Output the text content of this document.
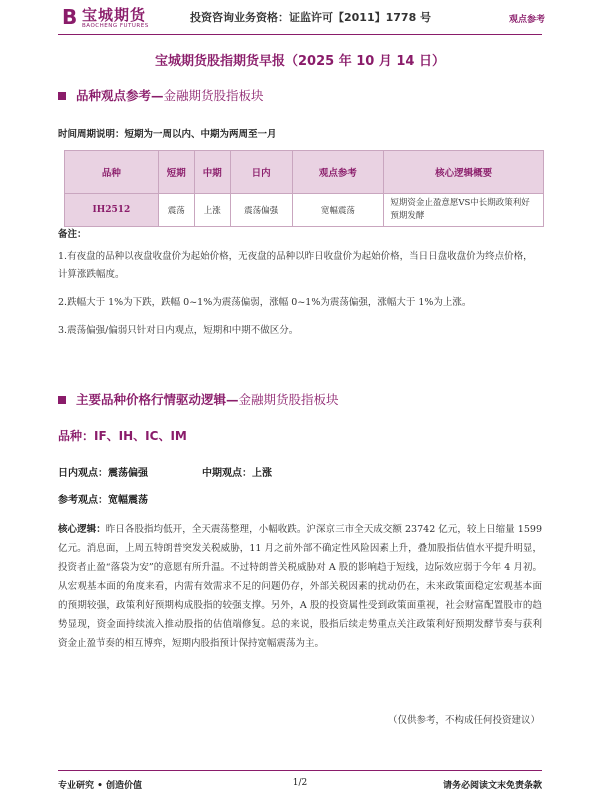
B 宝城期货
BAOCHENG FUTURES
投资咨询业务资格：证监许可【2011】1778 号	观点参考
宝城期货股指期货早报（2025 年 10 月 14 日）
品种观点参考—金融期货股指板块
时间周期说明：短期为一周以内、中期为两周至一月
品种	短期	中期	日内	观点参考	核心逻辑概要
IH2512	震荡	上涨	震荡偏强	宽幅震荡	短期资金止盈意愿VS中长期政策利好预期发酵
备注：
1.有夜盘的品种以夜盘收盘价为起始价格，无夜盘的品种以昨日收盘价为起始价格，当日日盘收盘价为终点价格，计算涨跌幅度。
2.跌幅大于 1%为下跌，跌幅 0~1%为震荡偏弱，涨幅 0~1%为震荡偏强，涨幅大于 1%为上涨。
3.震荡偏强/偏弱只针对日内观点，短期和中期不做区分。
主要品种价格行情驱动逻辑—金融期货股指板块
品种：IF、IH、IC、IM
日内观点：震荡偏强	中期观点：上涨
参考观点：宽幅震荡
核心逻辑：昨日各股指均低开，全天震荡整理，小幅收跌。沪深京三市全天成交额 23742 亿元，较上日缩量 1599 亿元。消息面，上周五特朗普突发关税威胁，11 月之前外部不确定性风险因素上升，叠加股指估值水平提升明显，投资者止盈“落袋为安”的意愿有所升温。不过特朗普关税威胁对 A 股的影响趋于短线，边际效应弱于今年 4 月初。从宏观基本面的角度来看，内需有效需求不足的问题仍存，外部关税因素的扰动仍在，未来政策面稳定宏观基本面的预期较强，政策利好预期构成股指的较强支撑。另外，A 股的投资属性受到政策面重视，社会财富配置股市的趋势显现，资金面持续流入推动股指的估值端修复。总的来说，股指后续走势重点关注政策利好预期发酵节奏与获利资金止盈节奏的相互博弈，短期内股指预计保持宽幅震荡为主。
（仅供参考，不构成任何投资建议）
专业研究 • 创造价值	1/2	请务必阅读文末免责条款
